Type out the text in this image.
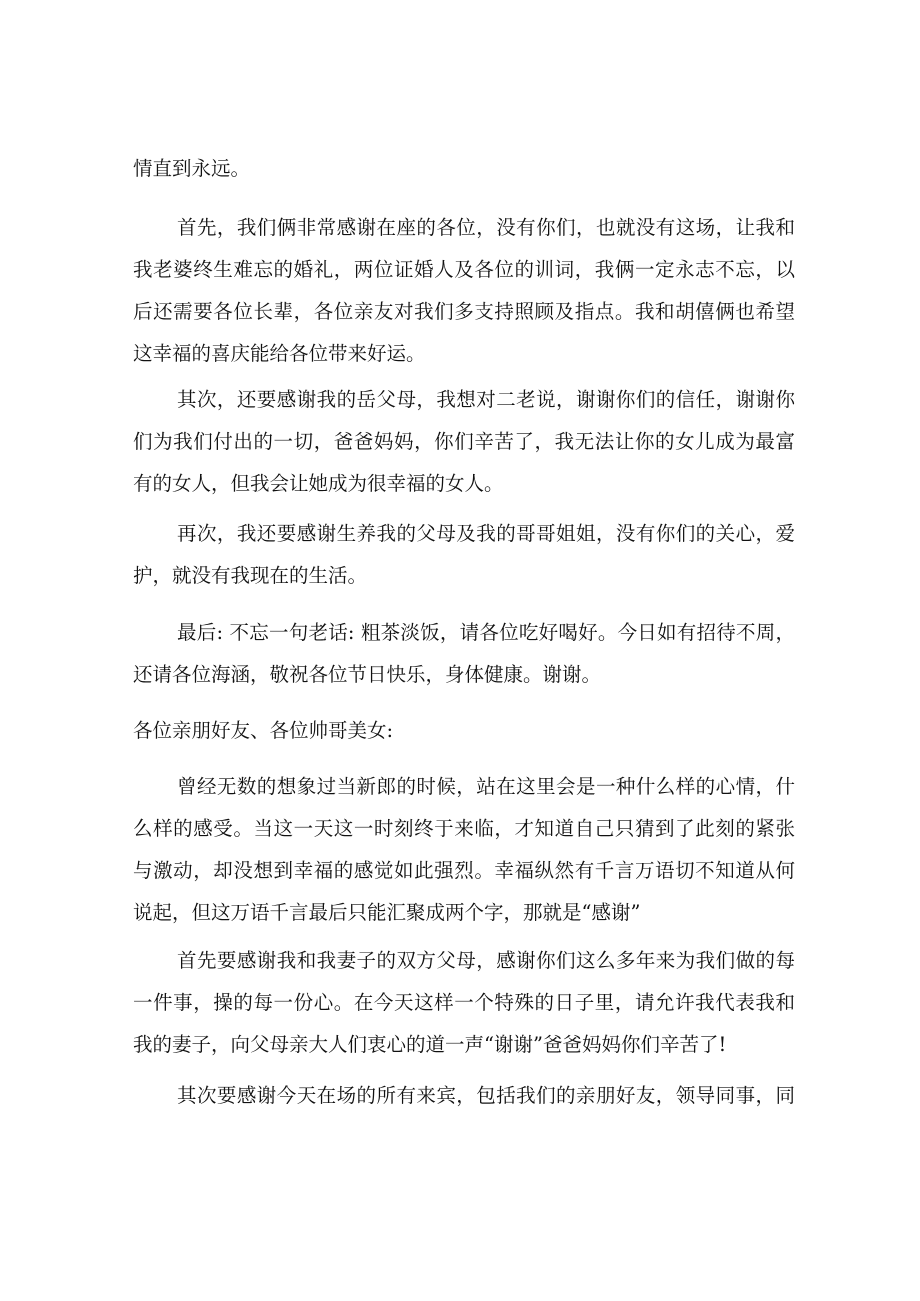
情直到永远。
首先，我们俩非常感谢在座的各位，没有你们，也就没有这场，让我和
我老婆终生难忘的婚礼，两位证婚人及各位的训词，我俩一定永志不忘，以
后还需要各位长辈，各位亲友对我们多支持照顾及指点。我和胡僖俩也希望
这幸福的喜庆能给各位带来好运。
其次，还要感谢我的岳父母，我想对二老说，谢谢你们的信任，谢谢你
们为我们付出的一切，爸爸妈妈，你们辛苦了，我无法让你的女儿成为最富
有的女人，但我会让她成为很幸福的女人。
再次，我还要感谢生养我的父母及我的哥哥姐姐，没有你们的关心，爱
护，就没有我现在的生活。
最后: 不忘一句老话: 粗茶淡饭，请各位吃好喝好。今日如有招待不周，
还请各位海涵，敬祝各位节日快乐，身体健康。谢谢。
各位亲朋好友、各位帅哥美女:
曾经无数的想象过当新郎的时候，站在这里会是一种什么样的心情，什
么样的感受。当这一天这一时刻终于来临，才知道自己只猜到了此刻的紧张
与激动，却没想到幸福的感觉如此强烈。幸福纵然有千言万语切不知道从何
说起，但这万语千言最后只能汇聚成两个字，那就是“感谢”
首先要感谢我和我妻子的双方父母，感谢你们这么多年来为我们做的每
一件事，操的每一份心。在今天这样一个特殊的日子里，请允许我代表我和
我的妻子，向父母亲大人们衷心的道一声“谢谢”爸爸妈妈你们辛苦了!
其次要感谢今天在场的所有来宾，包括我们的亲朋好友，领导同事，同
